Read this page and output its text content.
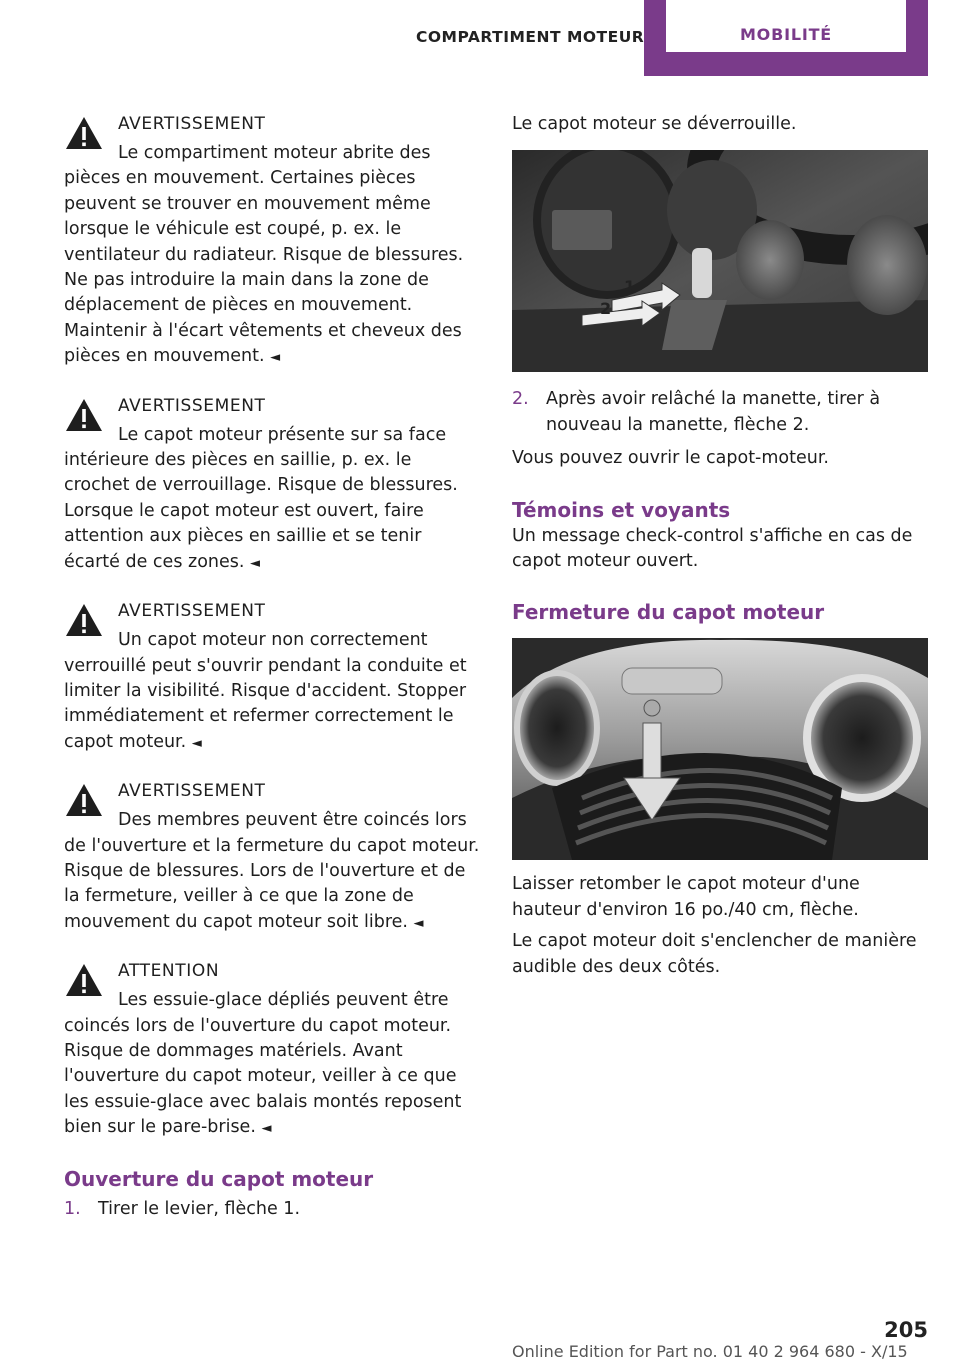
COMPARTIMENT MOTEUR	MOBILITÉ
AVERTISSEMENT
Le compartiment moteur abrite des pièces en mouvement. Certaines pièces peuvent se trouver en mouvement même lorsque le véhicule est coupé, p. ex. le ventilateur du radiateur. Risque de blessures. Ne pas introduire la main dans la zone de déplacement de pièces en mouvement. Maintenir à l'écart vêtements et cheveux des pièces en mouvement. ◄
AVERTISSEMENT
Le capot moteur présente sur sa face intérieure des pièces en saillie, p. ex. le crochet de verrouillage. Risque de blessures. Lorsque le capot moteur est ouvert, faire attention aux pièces en saillie et se tenir écarté de ces zones. ◄
AVERTISSEMENT
Un capot moteur non correctement verrouillé peut s'ouvrir pendant la conduite et limiter la visibilité. Risque d'accident. Stopper immédiatement et refermer correctement le capot moteur. ◄
AVERTISSEMENT
Des membres peuvent être coincés lors de l'ouverture et la fermeture du capot moteur. Risque de blessures. Lors de l'ouverture et de la fermeture, veiller à ce que la zone de mouvement du capot moteur soit libre. ◄
ATTENTION
Les essuie-glace dépliés peuvent être coincés lors de l'ouverture du capot moteur. Risque de dommages matériels. Avant l'ouverture du capot moteur, veiller à ce que les essuie-glace avec balais montés reposent bien sur le pare-brise. ◄
Ouverture du capot moteur
1. Tirer le levier, flèche 1.

Le capot moteur se déverrouille.

1
2
2. Après avoir relâché la manette, tirer à nouveau la manette, flèche 2.

Vous pouvez ouvrir le capot-moteur.

Témoins et voyants

Un message check-control s'affiche en cas de capot moteur ouvert.

Fermeture du capot moteur

Laisser retomber le capot moteur d'une hauteur d'environ 16 po./40 cm, flèche.

Le capot moteur doit s'enclencher de manière audible des deux côtés.

Online Edition for Part no. 01 40 2 964 680 - X/15
205
